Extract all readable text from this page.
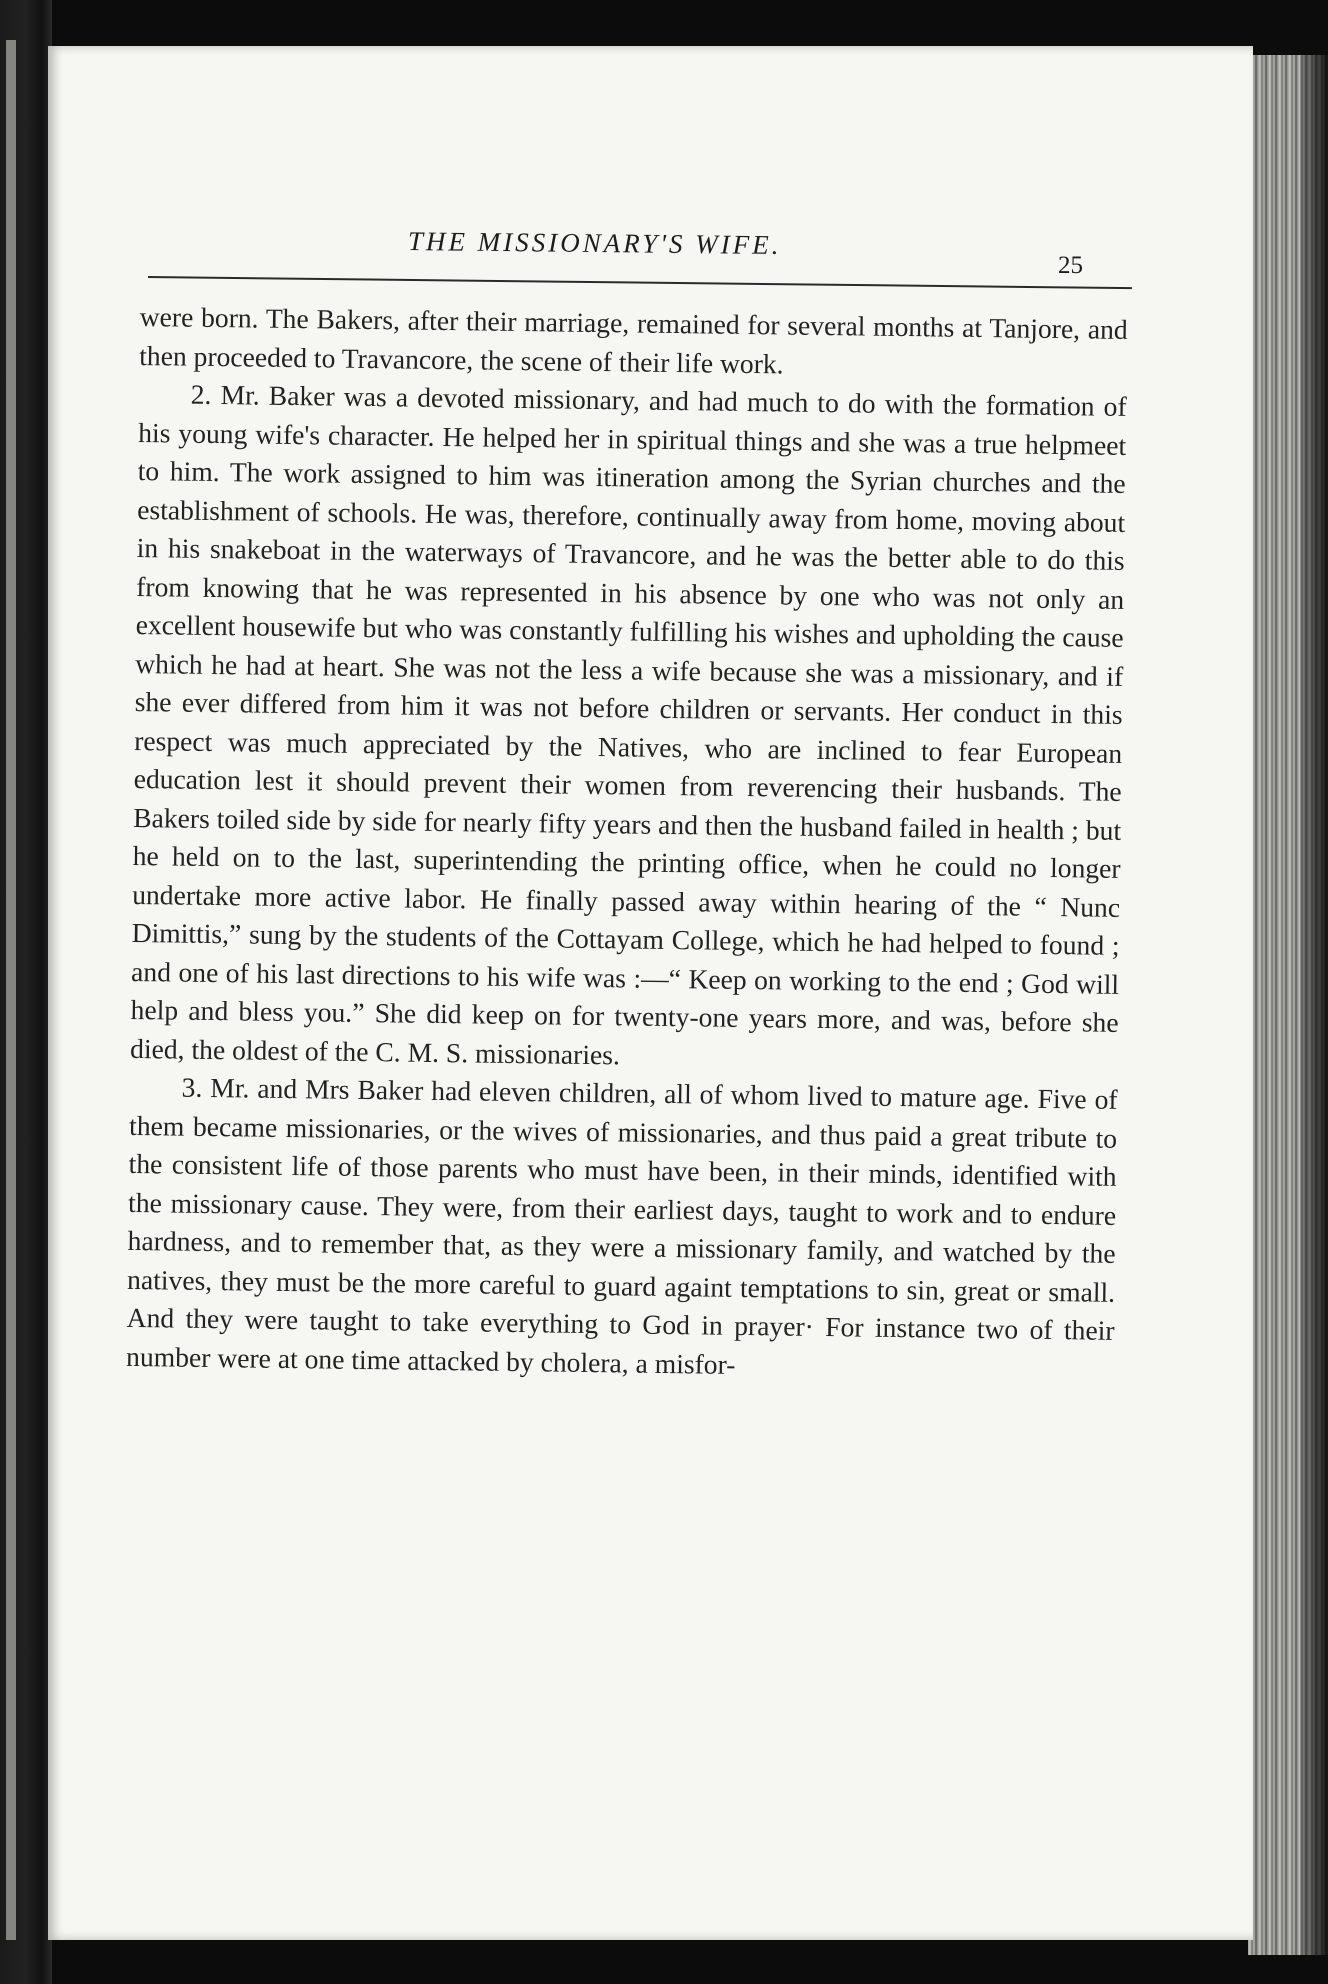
THE MISSIONARY'S WIFE.
25

were born. The Bakers, after their marriage, remained for several months at Tanjore, and then proceeded to Travancore, the scene of their life work.

2. Mr. Baker was a devoted missionary, and had much to do with the formation of his young wife's character. He helped her in spiritual things and she was a true helpmeet to him. The work assigned to him was itineration among the Syrian churches and the establishment of schools. He was, therefore, continually away from home, moving about in his snakeboat in the waterways of Travancore, and he was the better able to do this from knowing that he was represented in his absence by one who was not only an excellent housewife but who was constantly fulfilling his wishes and upholding the cause which he had at heart. She was not the less a wife because she was a missionary, and if she ever differed from him it was not before children or servants. Her conduct in this respect was much appreciated by the Natives, who are inclined to fear European education lest it should prevent their women from reverencing their husbands. The Bakers toiled side by side for nearly fifty years and then the husband failed in health ; but he held on to the last, superintending the printing office, when he could no longer undertake more active labor. He finally passed away within hearing of the “ Nunc Dimittis,” sung by the students of the Cottayam College, which he had helped to found ; and one of his last directions to his wife was :—“ Keep on working to the end ; God will help and bless you.” She did keep on for twenty-one years more, and was, before she died, the oldest of the C. M. S. missionaries.

3. Mr. and Mrs Baker had eleven children, all of whom lived to mature age. Five of them became missionaries, or the wives of missionaries, and thus paid a great tribute to the consistent life of those parents who must have been, in their minds, identified with the missionary cause. They were, from their earliest days, taught to work and to endure hardness, and to remember that, as they were a missionary family, and watched by the natives, they must be the more careful to guard againt temptations to sin, great or small. And they were taught to take everything to God in prayer· For instance two of their number were at one time attacked by cholera, a misfor-
